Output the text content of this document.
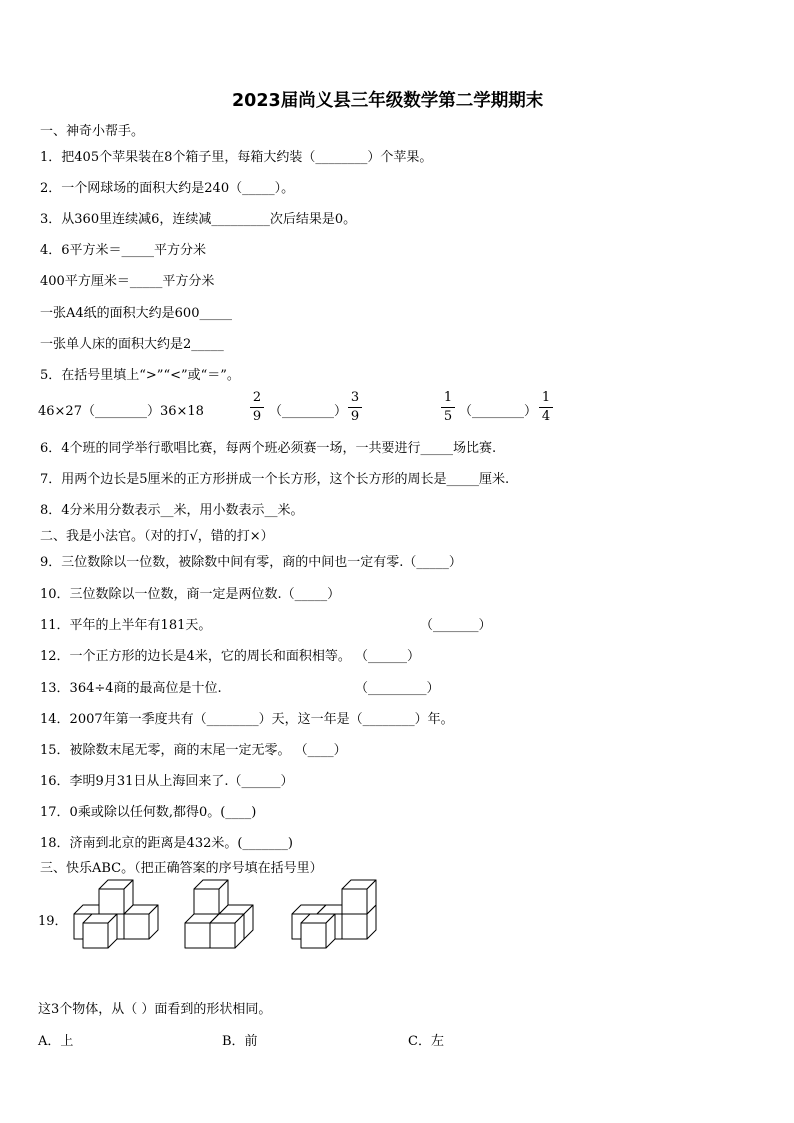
2023届尚义县三年级数学第二学期期末
一、神奇小帮手。
1．把405个苹果装在8个箱子里，每箱大约装（________）个苹果。
2．一个网球场的面积大约是240（_____）。
3．从360里连续减6，连续减_________次后结果是0。
4．6平方米＝_____平方分米
400平方厘米＝_____平方分米
一张A4纸的面积大约是600_____
一张单人床的面积大约是2_____
5．在括号里填上“>”“<”或“＝”。
46×27（________）36×18
2
9 （________）
3
9
1
5 （________）
1
4
6．4个班的同学举行歌唱比赛，每两个班必须赛一场，一共要进行_____场比赛.
7．用两个边长是5厘米的正方形拼成一个长方形，这个长方形的周长是_____厘米.
8．4分米用分数表示__米，用小数表示__米。
二、我是小法官。（对的打√，错的打×）
9．三位数除以一位数，被除数中间有零，商的中间也一定有零.（_____）
10．三位数除以一位数，商一定是两位数.（_____）
11．平年的上半年有181天。	（_______）
12．一个正方形的边长是4米，它的周长和面积相等。 （______）
13．364÷4商的最高位是十位.	（_________）
14．2007年第一季度共有（________）天，这一年是（________）年。
15．被除数末尾无零，商的末尾一定无零。 （____）
16．李明9月31日从上海回来了.（______）
17．0乘或除以任何数,都得0。(____)
18．济南到北京的距离是432米。(_______)
三、快乐ABC。（把正确答案的序号填在括号里）
19．
这3个物体，从（ ）面看到的形状相同。
A．上	B．前	C．左
